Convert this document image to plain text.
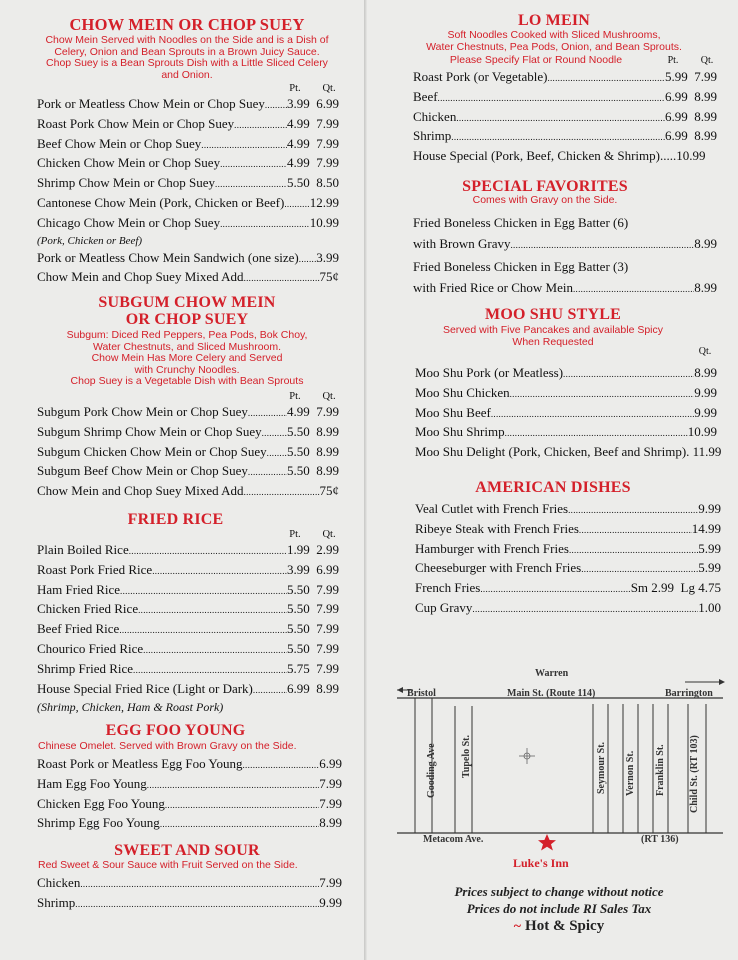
CHOW MEIN OR CHOP SUEY
Chow Mein Served with Noodles on the Side and is a Dish of
Celery, Onion and Bean Sprouts in a Brown Juicy Sauce.
Chop Suey is a Bean Sprouts Dish with a Little Sliced Celery
and Onion.
Pt. Qt.
Pork or Meatless Chow Mein or Chop Suey ..... 3.99  6.99
Roast Pork Chow Mein or Chop Suey .....	4.99  7.99
Beef Chow Mein or Chop Suey .....	4.99  7.99
Chicken Chow Mein or Chop Suey .....	4.99  7.99
Shrimp Chow Mein or Chop Suey .....	5.50  8.50
Cantonese Chow Mein (Pork, Chicken or Beef) ..... 12.99
Chicago Chow Mein or Chop Suey .....	10.99
(Pork, Chicken or Beef)
Pork or Meatless Chow Mein Sandwich (one size) ..... 3.99
Chow Mein and Chop Suey Mixed Add .....	75¢
SUBGUM CHOW MEIN
OR CHOP SUEY
Subgum: Diced Red Peppers, Pea Pods, Bok Choy,
Water Chestnuts, and Sliced Mushroom.
Chow Mein Has More Celery and Served
with Crunchy Noodles.
Chop Suey is a Vegetable Dish with Bean Sprouts
Pt. Qt.
Subgum Pork Chow Mein or Chop Suey .....	4.99  7.99
Subgum Shrimp Chow Mein or Chop Suey ..... 5.50  8.99
Subgum Chicken Chow Mein or Chop Suey ..... 5.50  8.99
Subgum Beef Chow Mein or Chop Suey .....	5.50  8.99
Chow Mein and Chop Suey Mixed Add .....	75¢
FRIED RICE
Pt. Qt.
Plain Boiled Rice .....	1.99  2.99
Roast Pork Fried Rice .....	3.99  6.99
Ham Fried Rice .....	5.50  7.99
Chicken Fried Rice .....	5.50  7.99
Beef Fried Rice .....	5.50  7.99
Chourico Fried Rice .....	5.50  7.99
Shrimp Fried Rice .....	5.75  7.99
House Special Fried Rice (Light or Dark) .....	6.99  8.99
(Shrimp, Chicken, Ham & Roast Pork)
EGG FOO YOUNG
Chinese Omelet. Served with Brown Gravy on the Side.
Roast Pork or Meatless Egg Foo Young .....	6.99
Ham Egg Foo Young .....	7.99
Chicken Egg Foo Young .....	7.99
Shrimp Egg Foo Young .....	8.99
SWEET AND SOUR
Red Sweet & Sour Sauce with Fruit Served on the Side.
Chicken .....	7.99
Shrimp .....	9.99
LO MEIN
Soft Noodles Cooked with Sliced Mushrooms,
Water Chestnuts, Pea Pods, Onion, and Bean Sprouts.
Please Specify Flat or Round Noodle	Pt. Qt.
Roast Pork (or Vegetable) .....	5.99  7.99
Beef .....	6.99  8.99
Chicken .....	6.99  8.99
Shrimp .....	6.99  8.99
House Special (Pork, Beef, Chicken & Shrimp).....10.99
SPECIAL FAVORITES
Comes with Gravy on the Side.
Fried Boneless Chicken in Egg Batter (6)
with Brown Gravy .....	8.99
Fried Boneless Chicken in Egg Batter (3)
with Fried Rice or Chow Mein .....	8.99
MOO SHU STYLE
Served with Five Pancakes and available Spicy
When Requested
Qt.
Moo Shu Pork (or Meatless) .....	8.99
Moo Shu Chicken .....	9.99
Moo Shu Beef .....	9.99
Moo Shu Shrimp .....	10.99
Moo Shu Delight (Pork, Chicken, Beef and Shrimp). 11.99
AMERICAN DISHES
Veal Cutlet with French Fries .....	9.99
Ribeye Steak with French Fries .....	14.99
Hamburger with French Fries .....	5.99
Cheeseburger with French Fries .....	5.99
French Fries .....	Sm 2.99  Lg 4.75
Cup Gravy .....	1.00
Warren
Bristol	Main St. (Route 114)	Barrington
Gooding Ave Tupelo St.	Seymour St. Vernon St. Franklin St. Child St. (RT 103)
Metacom Ave.	(RT 136)
Luke's Inn
Prices subject to change without notice
Prices do not include RI Sales Tax
~ Hot & Spicy
